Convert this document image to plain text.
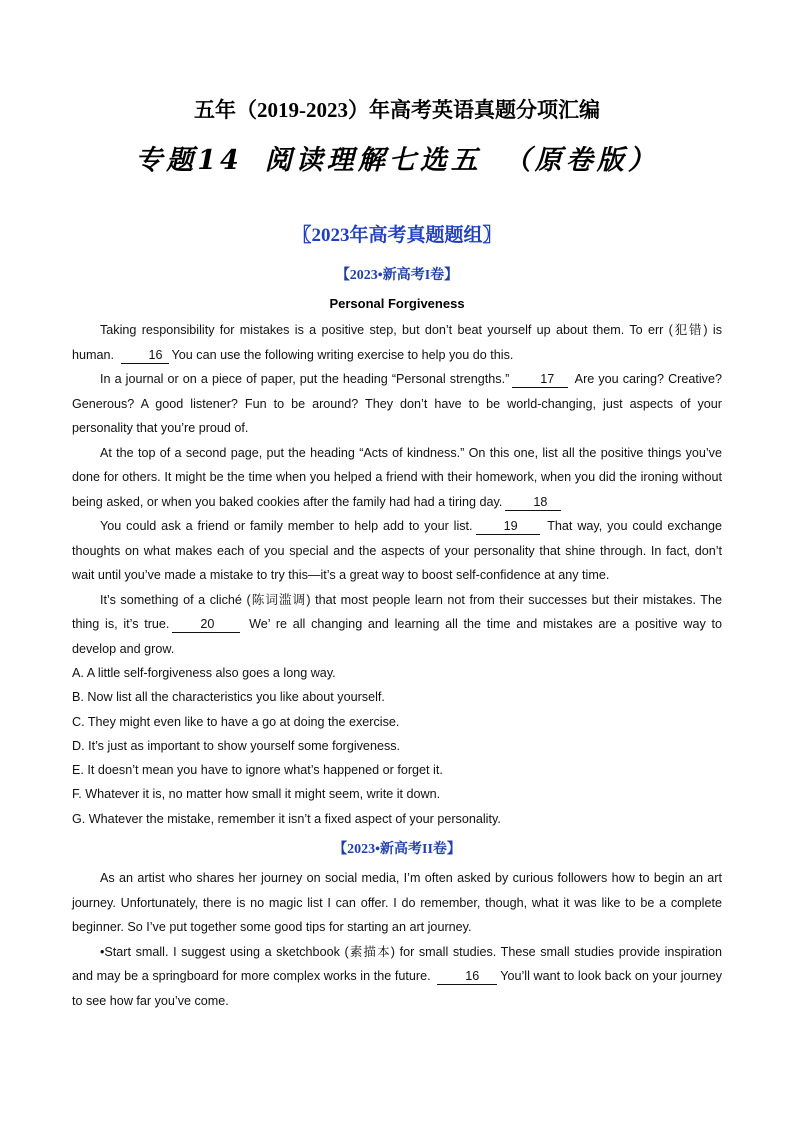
五年（2019-2023）年高考英语真题分项汇编
专题14 阅读理解七选五 （原卷版）
〖2023年高考真题题组〗
【2023•新高考I卷】
Personal Forgiveness

Taking responsibility for mistakes is a positive step, but don’t beat yourself up about them. To err (犯错) is human. 16 You can use the following writing exercise to help you do this.

In a journal or on a piece of paper, put the heading “Personal strengths.” 17 Are you caring? Creative? Generous? A good listener? Fun to be around? They don’t have to be world-changing, just aspects of your personality that you’re proud of.

At the top of a second page, put the heading “Acts of kindness.” On this one, list all the positive things you’ve done for others. It might be the time when you helped a friend with their homework, when you did the ironing without being asked, or when you baked cookies after the family had had a tiring day. 18

You could ask a friend or family member to help add to your list. 19 That way, you could exchange thoughts on what makes each of you special and the aspects of your personality that shine through. In fact, don’t wait until you’ve made a mistake to try this—it’s a great way to boost self-confidence at any time.

It’s something of a cliché (陈词滥调) that most people learn not from their successes but their mistakes. The thing is, it’s true. 20 We’ re all changing and learning all the time and mistakes are a positive way to develop and grow.

A. A little self-forgiveness also goes a long way.

B. Now list all the characteristics you like about yourself.

C. They might even like to have a go at doing the exercise.

D. It’s just as important to show yourself some forgiveness.

E. It doesn’t mean you have to ignore what’s happened or forget it.

F. Whatever it is, no matter how small it might seem, write it down.

G. Whatever the mistake, remember it isn’t a fixed aspect of your personality.

【2023•新高考II卷】

As an artist who shares her journey on social media, I’m often asked by curious followers how to begin an art journey. Unfortunately, there is no magic list I can offer. I do remember, though, what it was like to be a complete beginner. So I’ve put together some good tips for starting an art journey.

•Start small. I suggest using a sketchbook (素描本) for small studies. These small studies provide inspiration and may be a springboard for more complex works in the future. 16 You’ll want to look back on your journey to see how far you’ve come.
